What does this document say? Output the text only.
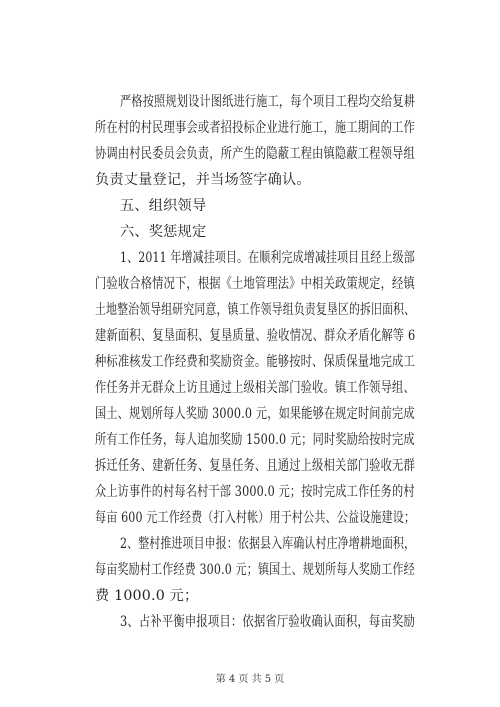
严格按照规划设计图纸进行施工，每个项目工程均交给复耕
所在村的村民理事会或者招投标企业进行施工，施工期间的工作
协调由村民委员会负责，所产生的隐蔽工程由镇隐蔽工程领导组
负责丈量登记，并当场签字确认。
五、组织领导
六、奖惩规定
1、2011 年增减挂项目。在顺利完成增减挂项目且经上级部
门验收合格情况下，根据《土地管理法》中相关政策规定，经镇
土地整治领导组研究同意，镇工作领导组负责复垦区的拆旧面积、
建新面积、复垦面积、复垦质量、验收情况、群众矛盾化解等 6
种标准核发工作经费和奖励资金。能够按时、保质保量地完成工
作任务并无群众上访且通过上级相关部门验收。镇工作领导组、
国土、规划所每人奖励 3000.0 元，如果能够在规定时间前完成
所有工作任务，每人追加奖励 1500.0 元；同时奖励给按时完成
拆迁任务、建新任务、复垦任务、且通过上级相关部门验收无群
众上访事件的村每名村干部 3000.0 元；按时完成工作任务的村
每亩 600 元工作经费（打入村帐）用于村公共、公益设施建设；
2、整村推进项目申报：依据县入库确认村庄净增耕地面积，
每亩奖励村工作经费 300.0 元；镇国土、规划所每人奖励工作经
费 1000.0 元；
3、占补平衡申报项目：依据省厅验收确认面积，每亩奖励
第 4 页 共 5 页
